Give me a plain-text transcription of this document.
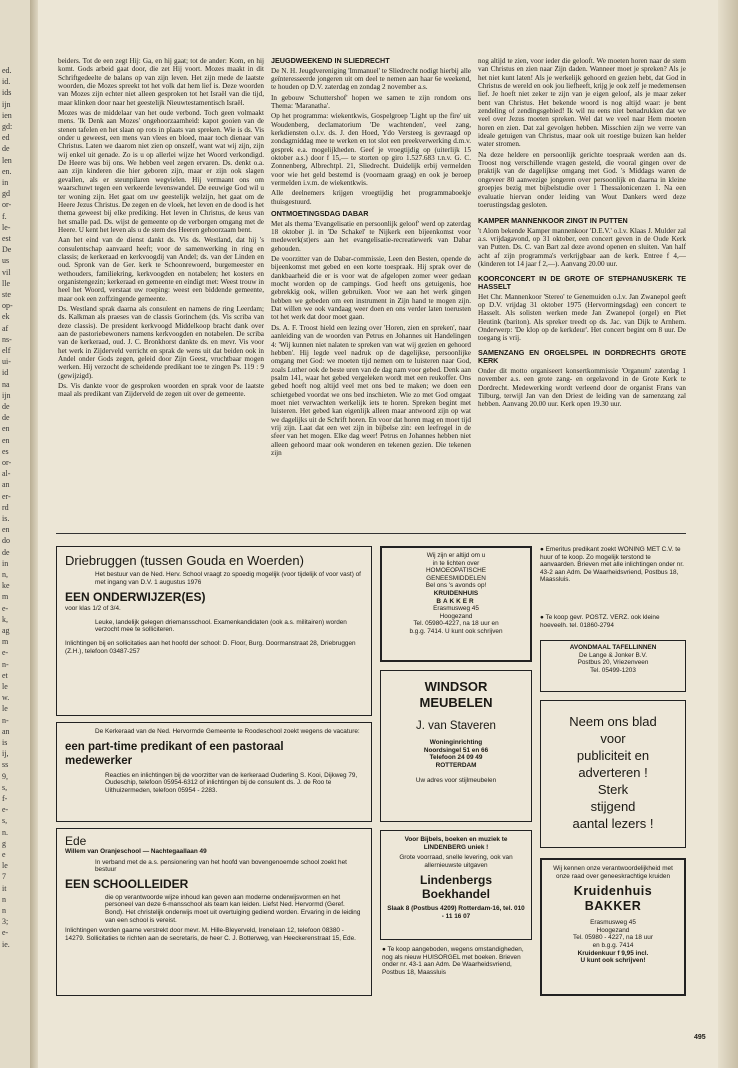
ed.
id.
ids
ijn
ien
gd:
ed
de
len
en.
in
gd
or-
f.
le-
est
De
us
vil
lle
ste
op-
ek
af
ns-
elf
ui-
id
na
ijn
de
de
en
en
es
or-
al-
an
er-
rd
is.
en
do
de
in
n,
ke
m
e-
k,
ag
m
e-
n-
et
le
w.
le
n-
an
is
ij,
ss
9,
s,
f-
e-
s,
n.
g
e
le
7
it
n
n
3;
e-
ie.

beiders. Tot de een zegt Hij: Ga, en hij gaat; tot de ander: Kom, en hij komt. Gods arbeid gaat door, die zet Hij voort. Mozes maakt in dit Schriftgedeelte de balans op van zijn leven. Het zijn mede de laatste woorden, die Mozes spreekt tot het volk dat hem lief is. Deze woorden van Mozes zijn echter niet alleen gesproken tot het Israël van die tijd, maar klinken door naar het geestelijk Nieuwtestamentisch Israël.

Mozes was de middelaar van het oude verbond. Toch geen volmaakt mens. 'Ik Denk aan Mozes' ongehoorzaamheid: kapot gooien van de stenen tafelen en het slaan op rots in plaats van spreken. Wie is ds. Vis onder u geweest, een mens van vlees en bloed, maar toch dienaar van Christus. Laten we daarom niet zien op onszelf, want wat wij zijn, zijn wij enkel uit genade. Zo is u op allerlei wijze het Woord verkondigd. De Heere was bij ons. We hebben veel zegen ervaren. Ds. denkt o.a. aan zijn kinderen die hier geboren zijn, maar er zijn ook slagen gevallen, als er steunpilaren wegvielen. Hij vermaant ons om waarschuwt tegen een verkeerde levenswandel. De eeuwige God wil u ter woning zijn. Het gaat om uw geestelijk welzijn, het gaat om de Heere Jezus Christus. De zegen en de vloek, het leven en de dood is het thema geweest bij elke prediking. Het leven in Christus, de keus van het smalle pad. Ds. wijst de gemeente op de verborgen omgang met de Heere. U kent het leven als u de stem des Heeren gehoorzaam bent.

Aan het eind van de dienst dankt ds. Vis ds. Westland, dat hij 's consulentschap aanvaard heeft; voor de samenwerking in ring en classis; de kerkeraad en kerkvoogdij van Andel; ds. van der Linden en oud. Spronk van de Ger. kerk te Schoonrewoerd, burgemeester en wethouders, familiekring, kerkvoogden en notabelen; het kosters en organistengezin; kerkeraad en gemeente en eindigt met: Weest trouw in heel het Woord, verstaat uw roeping: weest een biddende gemeente, maar ook een zoffzingende gemeente.

Ds. Westland sprak daarna als consulent en namens de ring Leerdam; ds. Kalkman als praeses van de classis Gorinchem (ds. Vis scriba van deze classis). De president kerkvoogd Middelkoop bracht dank over aan de pastoriebewoners namens kerkvoogden en notabelen. De scriba van de kerkeraad, oud. J. C. Bronkhorst dankte ds. en mevr. Vis voor het werk in Zijderveld verricht en sprak de wens uit dat beiden ook in Andel onder Gods zegen, geleid door Zijn Geest, vruchtbaar mogen werken. Hij verzocht de scheidende predikant toe te zingen Ps. 119 : 9 (gewijzigd).

Ds. Vis dankte voor de gesproken woorden en sprak voor de laatste maal als predikant van Zijderveld de zegen uit over de gemeente.

JEUGDWEEKEND IN SLIEDRECHT

De N. H. Jeugdvereniging 'Immanuel' te Sliedrecht nodigt hierbij alle geïnteresseerde jongeren uit om deel te nemen aan haar 6e weekend, te houden op D.V. zaterdag en zondag 2 november a.s.

In gebouw 'Schuttershof' hopen we samen te zijn rondom ons Thema: 'Maranatha'.

Op het programma: wiekentkwis, Gospelgroep 'Light up the fire' uit Woudenberg, declamatorium 'De wachtenden', veel zang, kerkdiensten o.l.v. ds. J. den Hoed, Ydo Versteeg is gevraagd op zondagmiddag mee te werken en tot slot een preekverwerking d.m.v. gesprek e.a. mogelijkheden. Geef je vroegtijdig op (uiterlijk 15 oktober a.s.) door f 15,— te storten op giro 1.527.683 t.n.v. G. C. Zonnenberg, Albrechtpl. 21, Sliedrecht. Duidelijk erbij vermelden voor wie het geld bestemd is (voornaam graag) en ook je beroep vermelden i.v.m. de wiekentkwis.

Alle deelnemers krijgen vroegtijdig het programmaboekje thuisgestuurd.

ONTMOETINGSDAG DABAR

Met als thema 'Evangelisatie en persoonlijk geloof' werd op zaterdag 18 oktober jl. in 'De Schakel' te Nijkerk een bijeenkomst voor medewerk(st)ers aan het evangelisatie-recreatiewerk van Dabar gehouden.

De voorzitter van de Dabar-commissie, Leen den Besten, opende de bijeenkomst met gebed en een korte toespraak. Hij sprak over de dankbaarheid die er is voor wat de afgelopen zomer weer gedaan mocht worden op de campings. God heeft ons getuigenis, hoe gebrekkig ook, willen gebruiken. Voor we aan het werk gingen hebben we gebeden om een instrument in Zijn hand te mogen zijn. Dat willen we ook vandaag weer doen en ons verder laten toerusten tot het werk dat door moet gaan.

Ds. A. F. Troost hield een lezing over 'Horen, zien en spreken', naar aanleiding van de woorden van Petrus en Johannes uit Handelingen 4: 'Wij kunnen niet nalaten te spreken van wat wij gezien en gehoord hebben'. Hij legde veel nadruk op de dagelijkse, persoonlijke omgang met God: we moeten tijd nemen om te luisteren naar God, zoals Luther ook de beste uren van de dag nam voor gebed. Denk aan psalm 141, waar het gebed vergeleken wordt met een reukoffer. Ons gebed hoeft nog altijd veel met ons bed te maken; we doen een schietgebed voordat we ons bed inschieten. Wie zo met God omgaat moet niet verwachten werkelijk iets te horen. Spreken begint met luisteren. Het gebed kan eigenlijk alleen maar antwoord zijn op wat we dagelijks uit de Schrift horen. En voor dat horen mag en moet tijd vrij zijn. Laat dat een wet zijn in bijbelse zin: een leefregel in de sfeer van het mogen. Elke dag weer! Petrus en Johannes hebben niet alleen gehoord maar ook wonderen en tekenen gezien. Die tekenen zijn

nog altijd te zien, voor ieder die gelooft. We moeten horen naar de stem van Christus en zien naar Zijn daden. Wanneer moet je spreken? Als je het niet kunt laten! Als je werkelijk gehoord en gezien hebt, dat God in Christus de wereld en ook jou liefheeft, krijg je ook zelf je medemensen lief. Je hoeft niet zeker te zijn van je eigen geloof, als je maar zeker bent van Christus. Het bekende woord is nog altijd waar: je bent zendeling of zendingsgebied! Ik wil nu eens niet benadrukken dat we veel over Jezus moeten spreken. Wel dat we veel naar Hem moeten horen en zien. Dat zal gevolgen hebben. Misschien zijn we verre van ideale getuigen van Christus, maar ook uit roestige buizen kan helder water stromen.

Na deze heldere en persoonlijk gerichte toespraak werden aan ds. Troost nog verschillende vragen gesteld, die vooral gingen over de praktijk van de dagelijkse omgang met God. 's Middags waren de ongeveer 80 aanwezige jongeren over persoonlijk en daarna in kleine groepjes bezig met bijbelstudie over 1 Thessalonicenzen 1. Na een evaluatie hiervan onder leiding van Wout Dankers werd deze toerustingsdag gesloten.

KAMPER MANNENKOOR ZINGT IN PUTTEN

't Alom bekende Kamper mannenkoor 'D.E.V.' o.l.v. Klaas J. Mulder zal a.s. vrijdagavond, op 31 oktober, een concert geven in de Oude Kerk van Putten. Ds. C. van Bart zal deze avond openen en sluiten. Van half acht af zijn programma's verkrijgbaar aan de kerk. Entree f 4,— (kinderen tot 14 jaar f 2,—). Aanvang 20.00 uur.

KOORCONCERT IN DE GROTE OF STEPHANUSKERK TE HASSELT

Het Chr. Mannenkoor 'Stereo' te Genemuiden o.l.v. Jan Zwanepol geeft op D.V. vrijdag 31 oktober 1975 (Hervormingsdag) een concert te Hasselt. Als solisten werken mede Jan Zwanepol (orgel) en Piet Heutink (bariton). Als spreker treedt op ds. Jac. van Dijk te Arnhem. Onderwerp: 'De klop op de kerkdeur'. Het concert begint om 8 uur. De toegang is vrij.

SAMENZANG EN ORGELSPEL IN DORDRECHTS GROTE KERK

Onder dit motto organiseert konsertkommissie 'Organum' zaterdag 1 november a.s. een grote zang- en orgelavond in de Grote Kerk te Dordrecht. Medewerking wordt verleend door de organist Frans van Tilburg, terwijl Jan van den Driest de leiding van de samenzang zal hebben. Aanvang 20.00 uur. Kerk open 19.30 uur.

Driebruggen (tussen Gouda en Woerden)
Het bestuur van de Ned. Herv. School vraagt zo spoedig mogelijk (voor tijdelijk of voor vast) of met ingang van D.V. 1 augustus 1976
EEN ONDERWIJZER(ES)
voor klas 1/2 of 3/4.
Leuke, landelijk gelegen driemansschool. Examenkandidaten (ook a.s. militairen) worden verzocht mee te solliciteren.
Inlichtingen bij en sollicitaties aan het hoofd der school: D. Floor, Burg. Doormanstraat 28, Driebruggen (Z.H.), telefoon 03487-257
De Kerkeraad van de Ned. Hervormde Gemeente te Roodeschool zoekt wegens de vacature:
een part-time predikant of een pastoraal medewerker
Reacties en inlichtingen bij de voorzitter van de kerkeraad Ouderling S. Kooi, Dijkweg 79, Oudeschip, telefoon 05954-6312 of inlichtingen bij de consulent ds. J. de Roo te Uithuizermeden, telefoon 05954 - 2283.
Ede
Willem van Oranjeschool — Nachtegaallaan 49
In verband met de a.s. pensionering van het hoofd van bovengenoemde school zoekt het bestuur
EEN SCHOOLLEIDER
die op verantwoorde wijze inhoud kan geven aan moderne onderwijsvormen en het personeel van deze 6-mansschool als team kan leiden. Liefst Ned. Hervormd (Geref. Bond). Het christelijk onderwijs moet uit overtuiging gediend worden. Ervaring in de leiding van een school is vereist.
Inlichtingen worden gaarne verstrekt door mevr. M. Hille-Bleyerveld, Irenelaan 12, telefoon 08380 - 14279. Sollicitaties te richten aan de secretaris, de heer C. J. Botterweg, van Heeckerenstraat 15, Ede.
Wij zijn er altijd om u
in te lichten over
HOMOEOPATISCHE
GENEESMIDDELEN
Bel ons 's avonds op!
KRUIDENHUIS
BAKKER
Erasmusweg 45
Hoogezand
Tel. 05980-4227, na 18 uur en
b.g.g. 7414. U kunt ook schrijven
WINDSOR MEUBELEN
J. van Staveren
Woninginrichting
Noordsingel 51 en 66
Telefoon 24 09 49
ROTTERDAM
Uw adres voor stijlmeubelen
Voor Bijbels, boeken en muziek te LINDENBERG uniek !
Grote voorraad, snelle levering, ook van allernieuwste uitgaven
Lindenbergs Boekhandel
Slaak 8 (Postbus 4209) Rotterdam-16, tel. 010 - 11 16 07
● Te koop aangeboden, wegens omstandigheden, nog als nieuw HUISORGEL met boeken. Brieven onder nr. 43-1 aan Adm. De Waarheidsvriend, Postbus 18, Maassluis
● Emeritus predikant zoekt WONING MET C.V. te huur of te koop. Zo mogelijk terstond te aanvaarden. Brieven met alle inlichtingen onder nr. 43-2 aan Adm. De Waarheidsvriend, Postbus 18, Maassluis.
● Te koop gevr. POSTZ. VERZ. ook kleine hoeveelh. tel. 01860-2794
AVONDMAAL TAFELLINNEN
De Lange & Jonker B.V.
Postbus 20, Vriezenveen
Tel. 05499-1203
Neem ons blad
voor
publiciteit en
adverteren !
Sterk
stijgend
aantal lezers !
Wij kennen onze verantwoordelijkheid met onze raad over geneeskrachtige kruiden
Kruidenhuis BAKKER
Erasmusweg 45
Hoogezand
Tel. 05980 - 4227, na 18 uur
en b.g.g. 7414
Kruidenkuur f 9,95 incl.
U kunt ook schrijven!
495
